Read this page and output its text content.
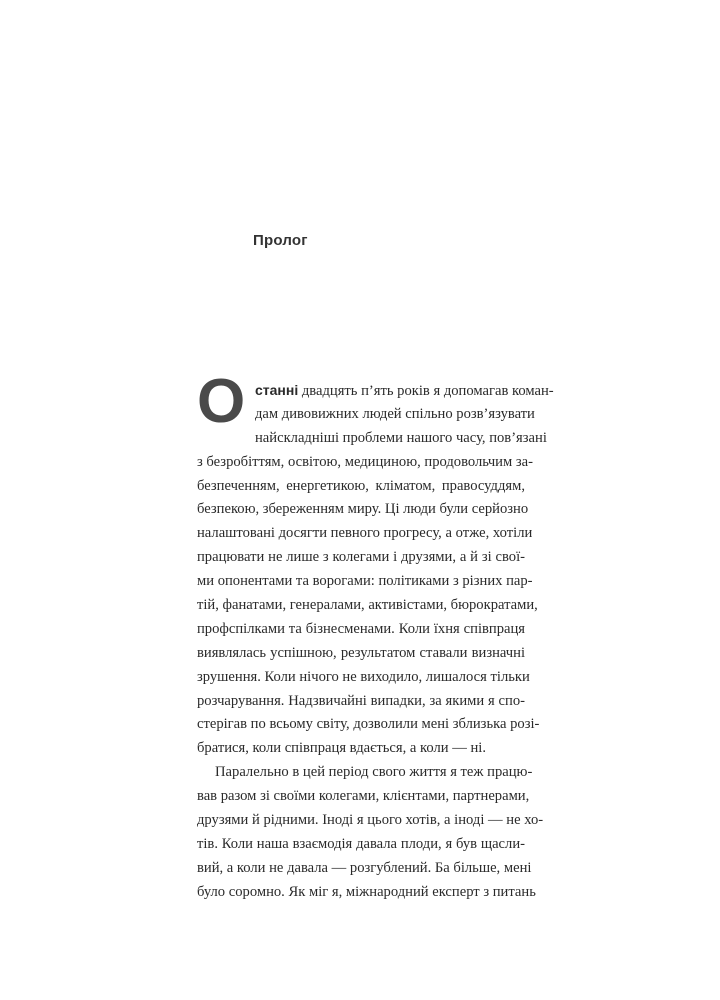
Пролог
О станні двадцять п’ять років я допомагав коман-
дам дивовижних людей спільно розв’язувати
найскладніші проблеми нашого часу, пов’язані
з безробіттям, освітою, медициною, продовольчим за-
безпеченням, енергетикою, кліматом, правосуддям,
безпекою, збереженням миру. Ці люди були серйозно
налаштовані досягти певного прогресу, а отже, хотіли
працювати не лише з колегами і друзями, а й зі свої-
ми опонентами та ворогами: політиками з різних пар-
тій, фанатами, генералами, активістами, бюрократами,
профспілками та бізнесменами. Коли їхня співпраця
виявлялась успішною, результатом ставали визначні
зрушення. Коли нічого не виходило, лишалося тільки
розчарування. Надзвичайні випадки, за якими я спо-
стерігав по всьому світу, дозволили мені зблизька розі-
братися, коли співпраця вдається, а коли — ні.
Паралельно в цей період свого життя я теж працю-
вав разом зі своїми колегами, клієнтами, партнерами,
друзями й рідними. Іноді я цього хотів, а іноді — не хо-
тів. Коли наша взаємодія давала плоди, я був щасли-
вий, а коли не давала — розгублений. Ба більше, мені
було соромно. Як міг я, міжнародний експерт з питань
